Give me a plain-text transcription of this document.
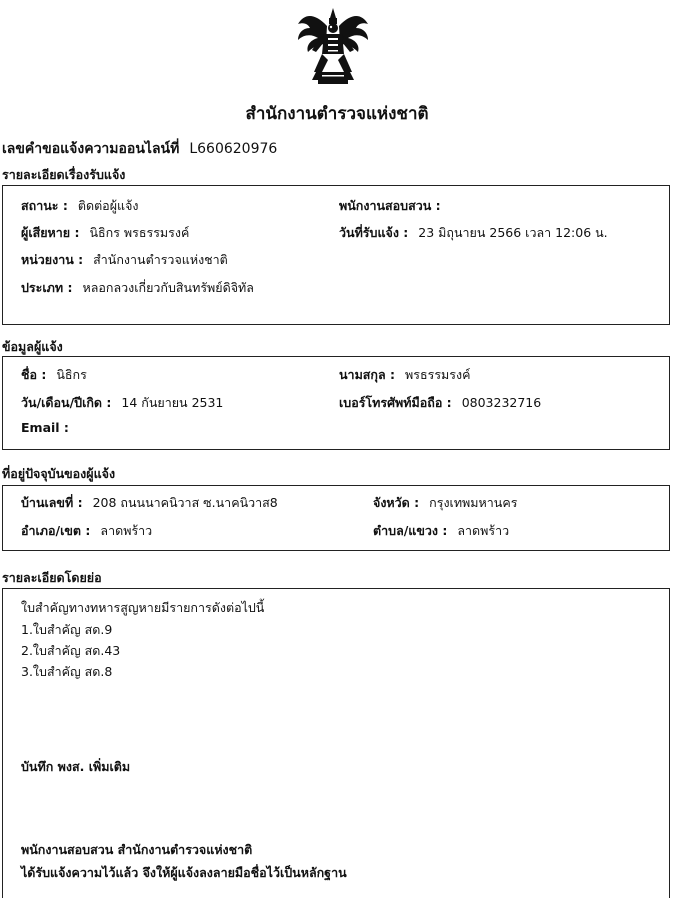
สำนักงานตำรวจแห่งชาติ
เลขคำขอแจ้งความออนไลน์ที่ L660620976
รายละเอียดเรื่องรับแจ้ง
สถานะ : ติดต่อผู้แจ้ง	พนักงานสอบสวน :
ผู้เสียหาย : นิธิกร พรธรรมรงค์	วันที่รับแจ้ง : 23 มิถุนายน 2566 เวลา 12:06 น.
หน่วยงาน : สำนักงานตำรวจแห่งชาติ
ประเภท : หลอกลวงเกี่ยวกับสินทรัพย์ดิจิทัล
ข้อมูลผู้แจ้ง
ชื่อ : นิธิกร	นามสกุล : พรธรรมรงค์
วัน/เดือน/ปีเกิด : 14 กันยายน 2531	เบอร์โทรศัพท์มือถือ : 0803232716
Email :
ที่อยู่ปัจจุบันของผู้แจ้ง
บ้านเลขที่ : 208 ถนนนาคนิวาส ซ.นาคนิวาส8	จังหวัด : กรุงเทพมหานคร
อำเภอ/เขต : ลาดพร้าว	ตำบล/แขวง : ลาดพร้าว
รายละเอียดโดยย่อ
ใบสำคัญทางทหารสูญหายมีรายการดังต่อไปนี้
1.ใบสำคัญ สด.9
2.ใบสำคัญ สด.43
3.ใบสำคัญ สด.8
บันทึก พงส. เพิ่มเติม
พนักงานสอบสวน สำนักงานตำรวจแห่งชาติ
ได้รับแจ้งความไว้แล้ว จึงให้ผู้แจ้งลงลายมือชื่อไว้เป็นหลักฐาน
